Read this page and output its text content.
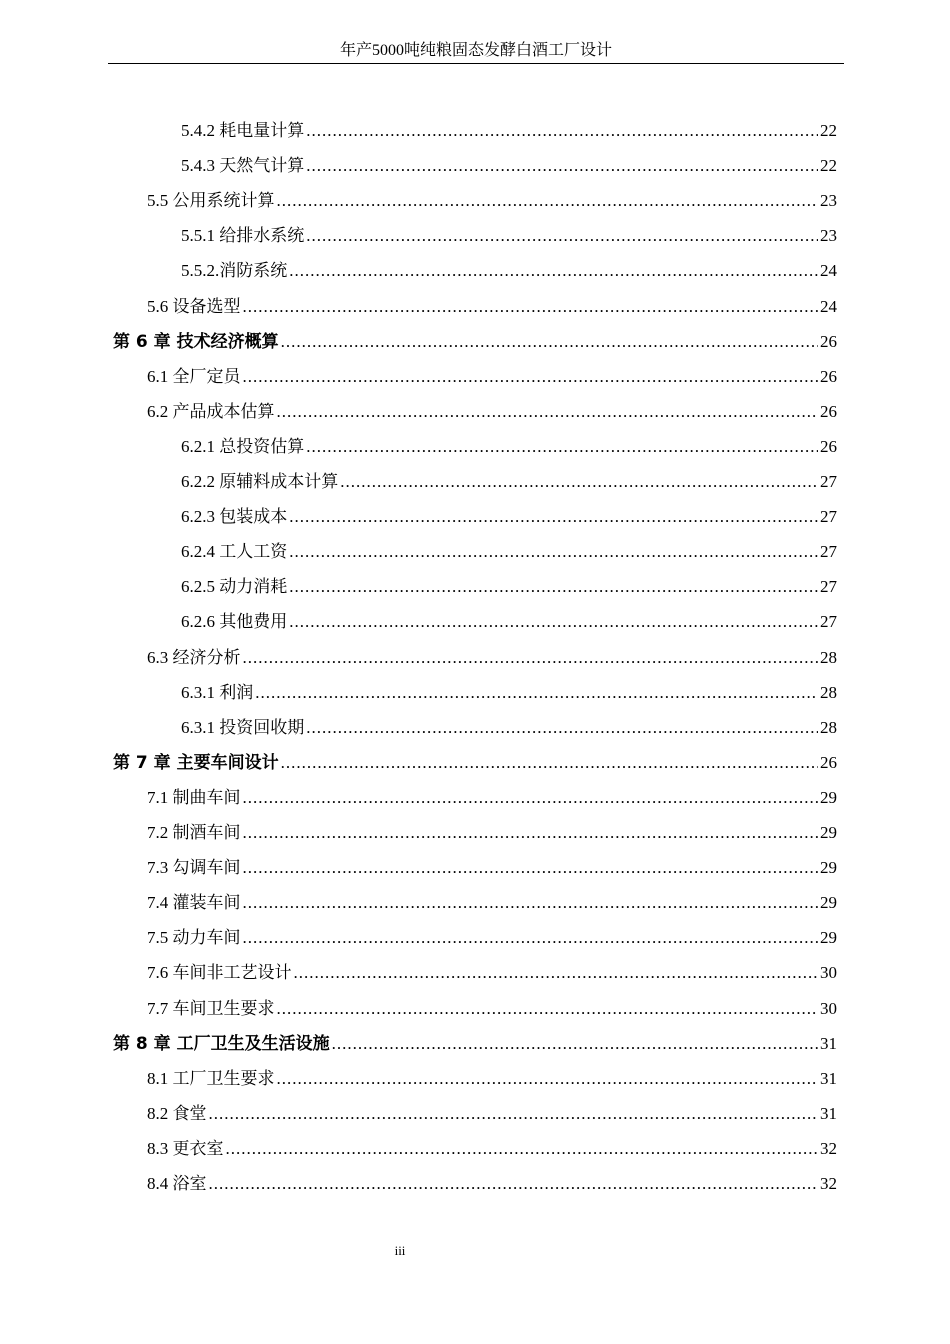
年产5000吨纯粮固态发酵白酒工厂设计
5.4.2 耗电量计算 .....	22
5.4.3 天然气计算 .....	22
5.5 公用系统计算 .....	23
5.5.1 给排水系统 .....	23
5.5.2.消防系统 .....	24
5.6 设备选型 .....	24
第 6 章 技术经济概算 .....	26
6.1 全厂定员 .....	26
6.2 产品成本估算 .....	26
6.2.1 总投资估算 .....	26
6.2.2 原辅料成本计算 .....	27
6.2.3 包装成本 .....	27
6.2.4 工人工资 .....	27
6.2.5 动力消耗 .....	27
6.2.6 其他费用 .....	27
6.3 经济分析 .....	28
6.3.1 利润 .....	28
6.3.1 投资回收期 .....	28
第 7 章 主要车间设计 .....	26
7.1 制曲车间 .....	29
7.2 制酒车间 .....	29
7.3 勾调车间 .....	29
7.4 灌装车间 .....	29
7.5 动力车间 .....	29
7.6 车间非工艺设计 .....	30
7.7 车间卫生要求 .....	30
第 8 章 工厂卫生及生活设施 .....	31
8.1 工厂卫生要求 .....	31
8.2 食堂 .....	31
8.3 更衣室 .....	32
8.4 浴室 .....	32
iii
